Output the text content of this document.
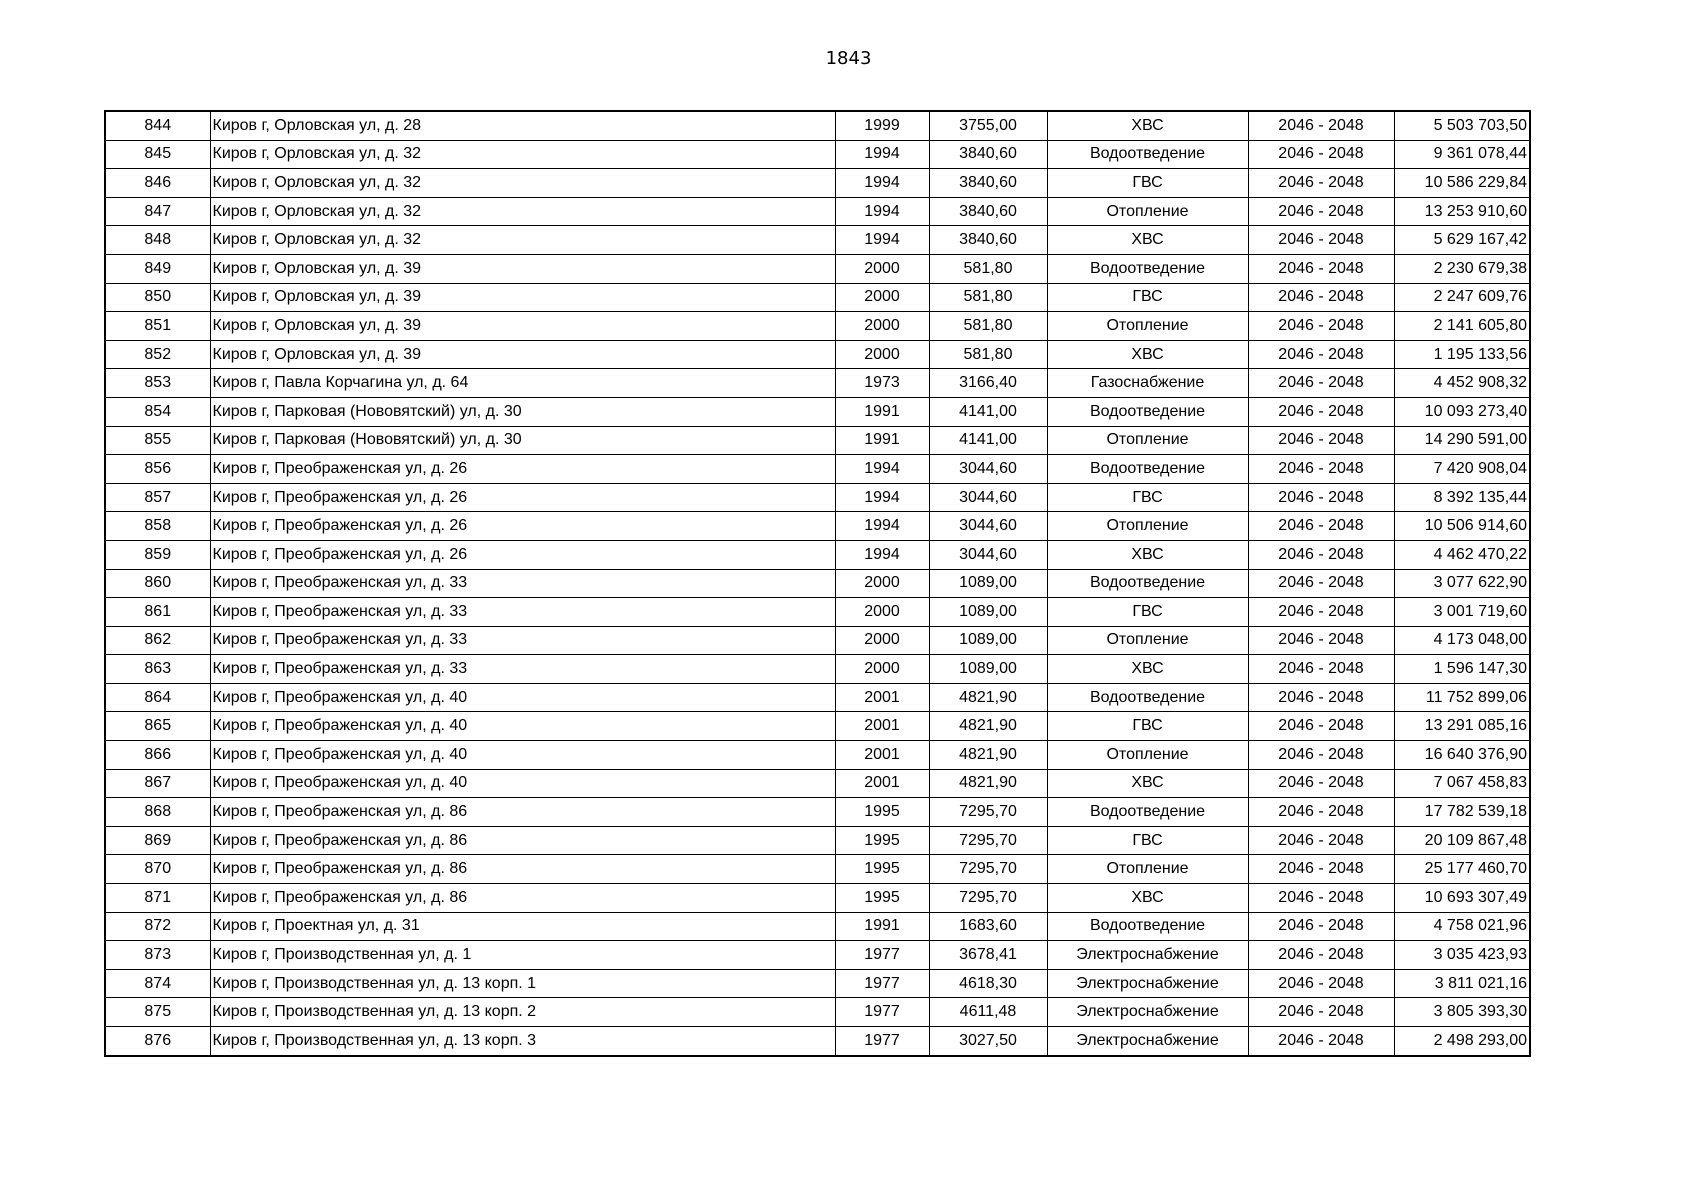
1843
844	Киров г, Орловская ул, д. 28	1999	3755,00	ХВС	2046 - 2048	5 503 703,50
845	Киров г, Орловская ул, д. 32	1994	3840,60	Водоотведение	2046 - 2048	9 361 078,44
846	Киров г, Орловская ул, д. 32	1994	3840,60	ГВС	2046 - 2048	10 586 229,84
847	Киров г, Орловская ул, д. 32	1994	3840,60	Отопление	2046 - 2048	13 253 910,60
848	Киров г, Орловская ул, д. 32	1994	3840,60	ХВС	2046 - 2048	5 629 167,42
849	Киров г, Орловская ул, д. 39	2000	581,80	Водоотведение	2046 - 2048	2 230 679,38
850	Киров г, Орловская ул, д. 39	2000	581,80	ГВС	2046 - 2048	2 247 609,76
851	Киров г, Орловская ул, д. 39	2000	581,80	Отопление	2046 - 2048	2 141 605,80
852	Киров г, Орловская ул, д. 39	2000	581,80	ХВС	2046 - 2048	1 195 133,56
853	Киров г, Павла Корчагина ул, д. 64	1973	3166,40	Газоснабжение	2046 - 2048	4 452 908,32
854	Киров г, Парковая (Нововятский) ул, д. 30	1991	4141,00	Водоотведение	2046 - 2048	10 093 273,40
855	Киров г, Парковая (Нововятский) ул, д. 30	1991	4141,00	Отопление	2046 - 2048	14 290 591,00
856	Киров г, Преображенская ул, д. 26	1994	3044,60	Водоотведение	2046 - 2048	7 420 908,04
857	Киров г, Преображенская ул, д. 26	1994	3044,60	ГВС	2046 - 2048	8 392 135,44
858	Киров г, Преображенская ул, д. 26	1994	3044,60	Отопление	2046 - 2048	10 506 914,60
859	Киров г, Преображенская ул, д. 26	1994	3044,60	ХВС	2046 - 2048	4 462 470,22
860	Киров г, Преображенская ул, д. 33	2000	1089,00	Водоотведение	2046 - 2048	3 077 622,90
861	Киров г, Преображенская ул, д. 33	2000	1089,00	ГВС	2046 - 2048	3 001 719,60
862	Киров г, Преображенская ул, д. 33	2000	1089,00	Отопление	2046 - 2048	4 173 048,00
863	Киров г, Преображенская ул, д. 33	2000	1089,00	ХВС	2046 - 2048	1 596 147,30
864	Киров г, Преображенская ул, д. 40	2001	4821,90	Водоотведение	2046 - 2048	11 752 899,06
865	Киров г, Преображенская ул, д. 40	2001	4821,90	ГВС	2046 - 2048	13 291 085,16
866	Киров г, Преображенская ул, д. 40	2001	4821,90	Отопление	2046 - 2048	16 640 376,90
867	Киров г, Преображенская ул, д. 40	2001	4821,90	ХВС	2046 - 2048	7 067 458,83
868	Киров г, Преображенская ул, д. 86	1995	7295,70	Водоотведение	2046 - 2048	17 782 539,18
869	Киров г, Преображенская ул, д. 86	1995	7295,70	ГВС	2046 - 2048	20 109 867,48
870	Киров г, Преображенская ул, д. 86	1995	7295,70	Отопление	2046 - 2048	25 177 460,70
871	Киров г, Преображенская ул, д. 86	1995	7295,70	ХВС	2046 - 2048	10 693 307,49
872	Киров г, Проектная ул, д. 31	1991	1683,60	Водоотведение	2046 - 2048	4 758 021,96
873	Киров г, Производственная ул, д. 1	1977	3678,41	Электроснабжение	2046 - 2048	3 035 423,93
874	Киров г, Производственная ул, д. 13 корп. 1	1977	4618,30	Электроснабжение	2046 - 2048	3 811 021,16
875	Киров г, Производственная ул, д. 13 корп. 2	1977	4611,48	Электроснабжение	2046 - 2048	3 805 393,30
876	Киров г, Производственная ул, д. 13 корп. 3	1977	3027,50	Электроснабжение	2046 - 2048	2 498 293,00
